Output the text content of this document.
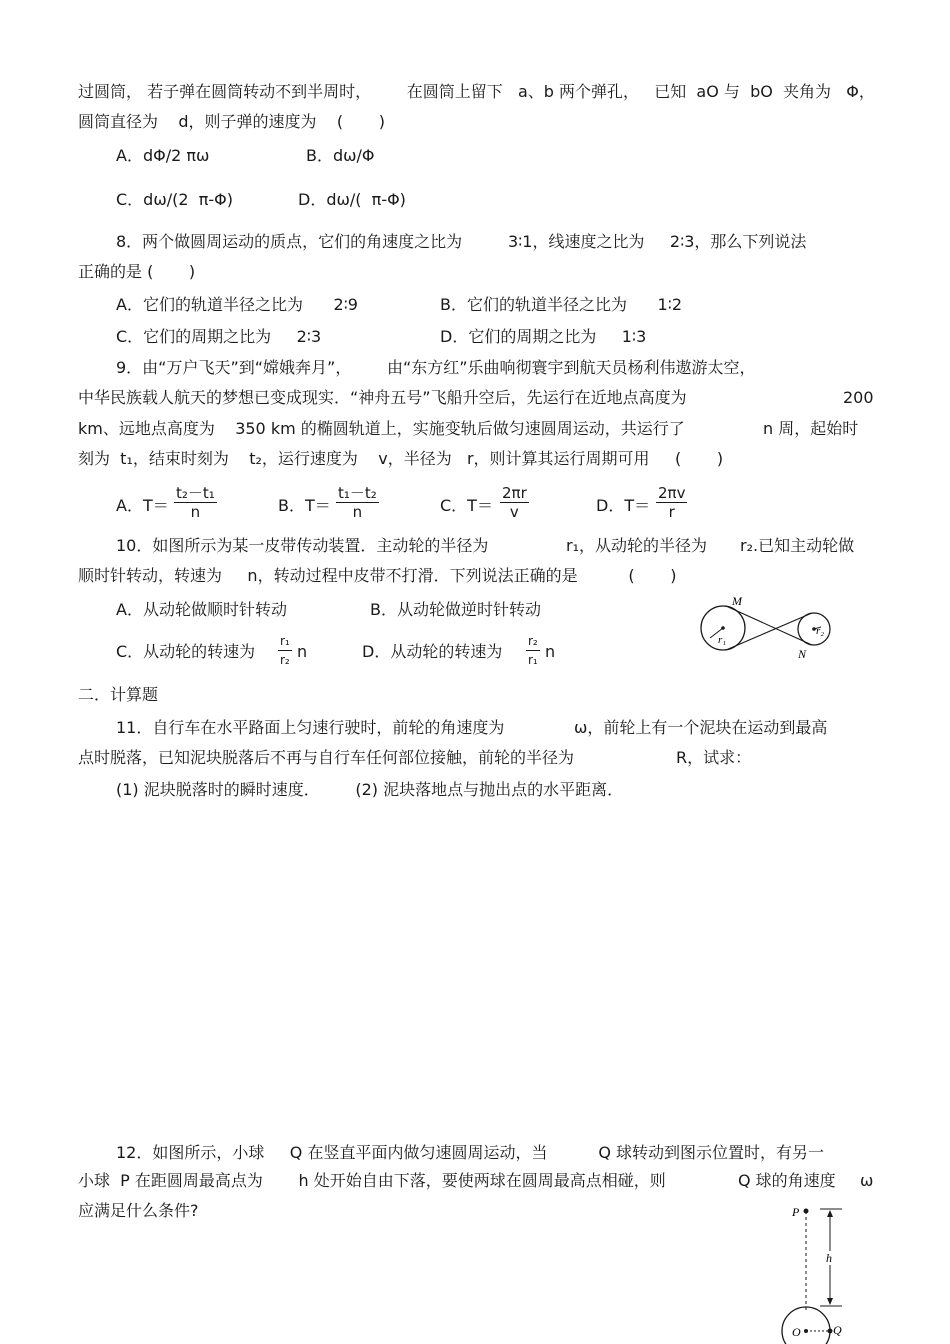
过圆筒， 若子弹在圆筒转动不到半周时，       在圆筒上留下   a、b 两个弹孔，   已知  aO 与  bO  夹角为   Φ，
圆筒直径为    d，则子弹的速度为    (       )
A．dΦ/2 πω	B．dω/Φ
C．dω/(2  π-Φ)	D．dω/(  π-Φ)
8．两个做圆周运动的质点，它们的角速度之比为         3∶1，线速度之比为     2∶3，那么下列说法
正确的是 (       )
A．它们的轨道半径之比为      2∶9	B．它们的轨道半径之比为      1∶2
C．它们的周期之比为     2∶3	D．它们的周期之比为     1∶3
9．由“万户飞天”到“嫦娥奔月”，       由“东方红”乐曲响彻寰宇到航天员杨利伟遨游太空，
中华民族载人航天的梦想已变成现实．“神舟五号”飞船升空后，先运行在近地点高度为	200
km、远地点高度为    350 km 的椭圆轨道上，实施变轨后做匀速圆周运动，共运行了	n 周，起始时
刻为  t₁，结束时刻为    t₂，运行速度为    v，半径为   r，则计算其运行周期可用     (       )
A．$T= \frac{\text{t₂－t₁}}{n}$	B．$T= \frac{\text{t₁－t₂}}{n}$	C．$T= \frac{2\pi r}{v}$	D．$T= \frac{2\pi v}{r}$
10．如图所示为某一皮带传动装置．主动轮的半径为	r₁，从动轮的半径为 r₂.已知主动轮做
顺时针转动，转速为     n，转动过程中皮带不打滑．下列说法正确的是          (       )
A．从动轮做顺时针转动	B．从动轮做逆时针转动
C．从动轮的转速为 $\frac{\text{r₁}}{\text{r₂}}$ n	D．从动轮的转速为 $\frac{\text{r₂}}{\text{r₁}}$ n
M
N
r₁
r₂
二．计算题
11．自行车在水平路面上匀速行驶时，前轮的角速度为	ω，前轮上有一个泥块在运动到最高
点时脱落，已知泥块脱落后不再与自行车任何部位接触，前轮的半径为	R，试求：
(1) 泥块脱落时的瞬时速度．       (2) 泥块落地点与抛出点的水平距离．
12．如图所示，小球     Q 在竖直平面内做匀速圆周运动，当          Q 球转动到图示位置时，有另一
小球  P 在距圆周最高点为       h 处开始自由下落，要使两球在圆周最高点相碰，则	Q 球的角速度 ω
应满足什么条件?	P
h
O	Q
